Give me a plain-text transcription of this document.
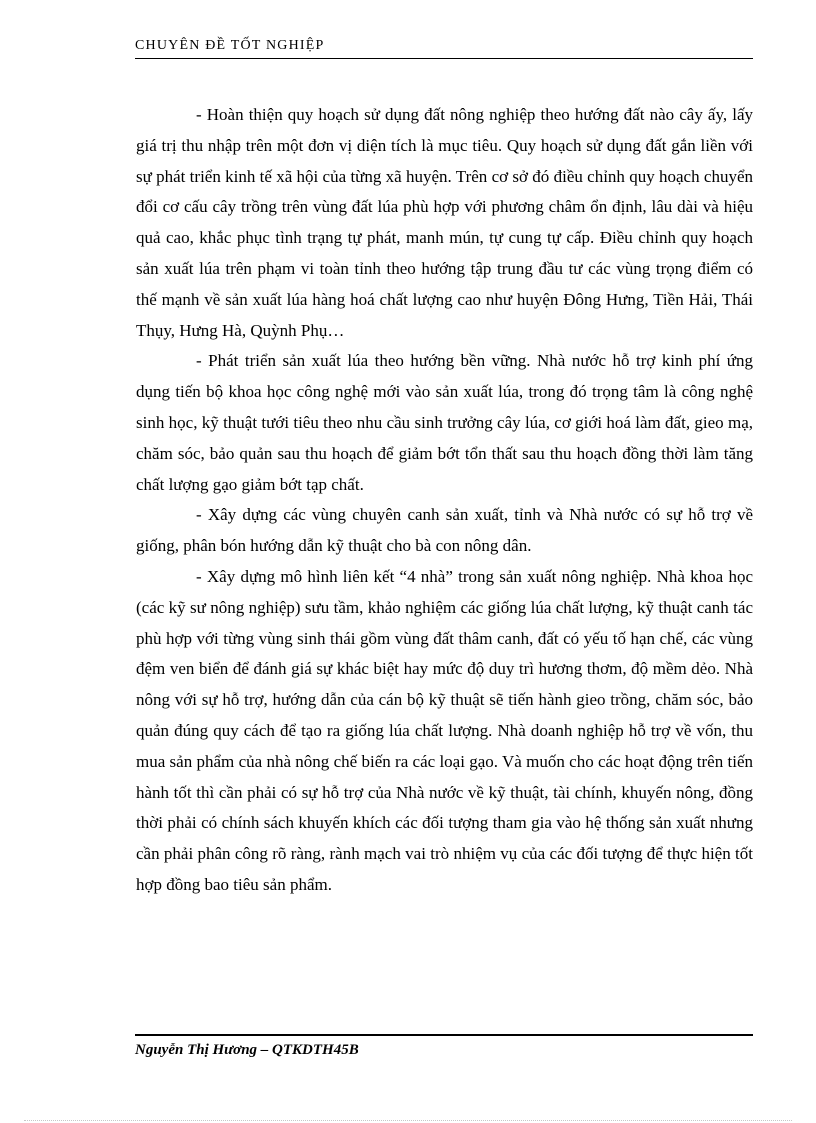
CHUYÊN ĐỀ TỐT NGHIỆP

- Hoàn thiện quy hoạch sử dụng đất nông nghiệp theo hướng đất nào cây ấy, lấy giá trị thu nhập trên một đơn vị diện tích là mục tiêu. Quy hoạch sử dụng đất gắn liền với sự phát triển kinh tế xã hội của từng xã huyện. Trên cơ sở đó điều chỉnh quy hoạch chuyển đổi cơ cấu cây trồng trên vùng đất lúa phù hợp với phương châm ổn định, lâu dài và hiệu quả cao, khắc phục tình trạng tự phát, manh mún, tự cung tự cấp. Điều chỉnh quy hoạch sản xuất lúa trên phạm vi toàn tỉnh theo hướng tập trung đầu tư các vùng trọng điểm có thế mạnh về sản xuất lúa hàng hoá chất lượng cao như huyện Đông Hưng, Tiền Hải, Thái Thụy, Hưng Hà, Quỳnh Phụ…

- Phát triển sản xuất lúa theo hướng bền vững. Nhà nước hỗ trợ kinh phí ứng dụng tiến bộ khoa học công nghệ mới vào sản xuất lúa, trong đó trọng tâm là công nghệ sinh học, kỹ thuật tưới tiêu theo nhu cầu sinh trưởng cây lúa, cơ giới hoá làm đất, gieo mạ, chăm sóc, bảo quản sau thu hoạch để giảm bớt tổn thất sau thu hoạch đồng thời làm tăng chất lượng gạo giảm bớt tạp chất.

- Xây dựng các vùng chuyên canh sản xuất, tỉnh và Nhà nước có sự hỗ trợ về giống, phân bón hướng dẫn kỹ thuật cho bà con nông dân.

- Xây dựng mô hình liên kết “4 nhà” trong sản xuất nông nghiệp. Nhà khoa học (các kỹ sư nông nghiệp) sưu tầm, khảo nghiệm các giống lúa chất lượng, kỹ thuật canh tác phù hợp với từng vùng sinh thái gồm vùng đất thâm canh, đất có yếu tố hạn chế, các vùng đệm ven biển để đánh giá sự khác biệt hay mức độ duy trì hương thơm, độ mềm dẻo. Nhà nông với sự hỗ trợ, hướng dẫn của cán bộ kỹ thuật sẽ tiến hành gieo trồng, chăm sóc, bảo quản đúng quy cách để tạo ra giống lúa chất lượng. Nhà doanh nghiệp hỗ trợ về vốn, thu mua sản phẩm của nhà nông chế biến ra các loại gạo. Và muốn cho các hoạt động trên tiến hành tốt thì cần phải có sự hỗ trợ của Nhà nước về kỹ thuật, tài chính, khuyến nông, đồng thời phải có chính sách khuyến khích các đối tượng tham gia vào hệ thống sản xuất nhưng cần phải phân công rõ ràng, rành mạch vai trò nhiệm vụ của các đối tượng để thực hiện tốt hợp đồng bao tiêu sản phẩm.

Nguyễn Thị Hương – QTKDTH45B
